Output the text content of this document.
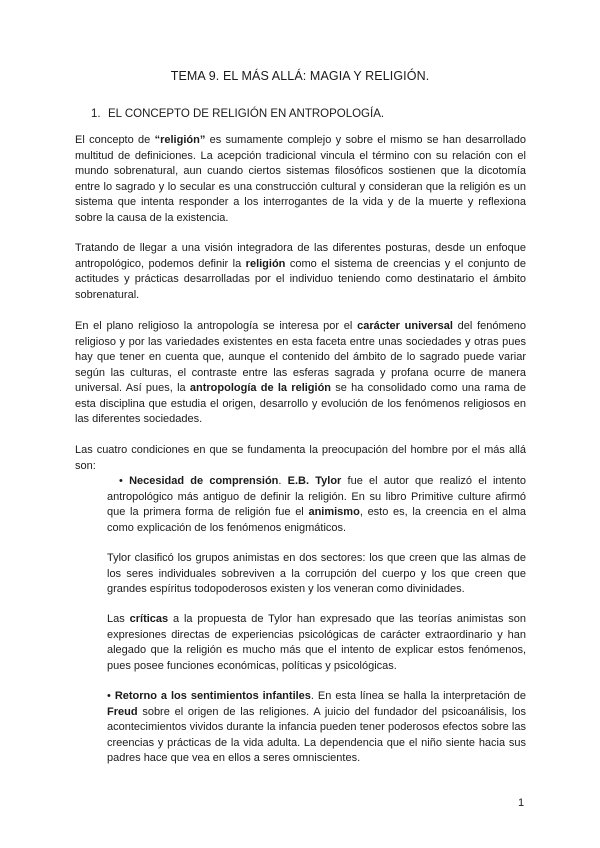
TEMA 9. EL MÁS ALLÁ: MAGIA Y RELIGIÓN.
1. EL CONCEPTO DE RELIGIÓN EN ANTROPOLOGÍA.

El concepto de “religión” es sumamente complejo y sobre el mismo se han desarrollado multitud de definiciones. La acepción tradicional vincula el término con su relación con el mundo sobrenatural, aun cuando ciertos sistemas filosóficos sostienen que la dicotomía entre lo sagrado y lo secular es una construcción cultural y consideran que la religión es un sistema que intenta responder a los interrogantes de la vida y de la muerte y reflexiona sobre la causa de la existencia.

Tratando de llegar a una visión integradora de las diferentes posturas, desde un enfoque antropológico, podemos definir la religión como el sistema de creencias y el conjunto de actitudes y prácticas desarrolladas por el individuo teniendo como destinatario el ámbito sobrenatural.

En el plano religioso la antropología se interesa por el carácter universal del fenómeno religioso y por las variedades existentes en esta faceta entre unas sociedades y otras pues hay que tener en cuenta que, aunque el contenido del ámbito de lo sagrado puede variar según las culturas, el contraste entre las esferas sagrada y profana ocurre de manera universal. Así pues, la antropología de la religión se ha consolidado como una rama de esta disciplina que estudia el origen, desarrollo y evolución de los fenómenos religiosos en las diferentes sociedades.

Las cuatro condiciones en que se fundamenta la preocupación del hombre por el más allá son:

• Necesidad de comprensión. E.B. Tylor fue el autor que realizó el intento antropológico más antiguo de definir la religión. En su libro Primitive culture afirmó que la primera forma de religión fue el animismo, esto es, la creencia en el alma como explicación de los fenómenos enigmáticos.

Tylor clasificó los grupos animistas en dos sectores: los que creen que las almas de los seres individuales sobreviven a la corrupción del cuerpo y los que creen que grandes espíritus todopoderosos existen y los veneran como divinidades.

Las críticas a la propuesta de Tylor han expresado que las teorías animistas son expresiones directas de experiencias psicológicas de carácter extraordinario y han alegado que la religión es mucho más que el intento de explicar estos fenómenos, pues posee funciones económicas, políticas y psicológicas.

• Retorno a los sentimientos infantiles. En esta línea se halla la interpretación de Freud sobre el origen de las religiones. A juicio del fundador del psicoanálisis, los acontecimientos vividos durante la infancia pueden tener poderosos efectos sobre las creencias y prácticas de la vida adulta. La dependencia que el niño siente hacia sus padres hace que vea en ellos a seres omniscientes.

1
